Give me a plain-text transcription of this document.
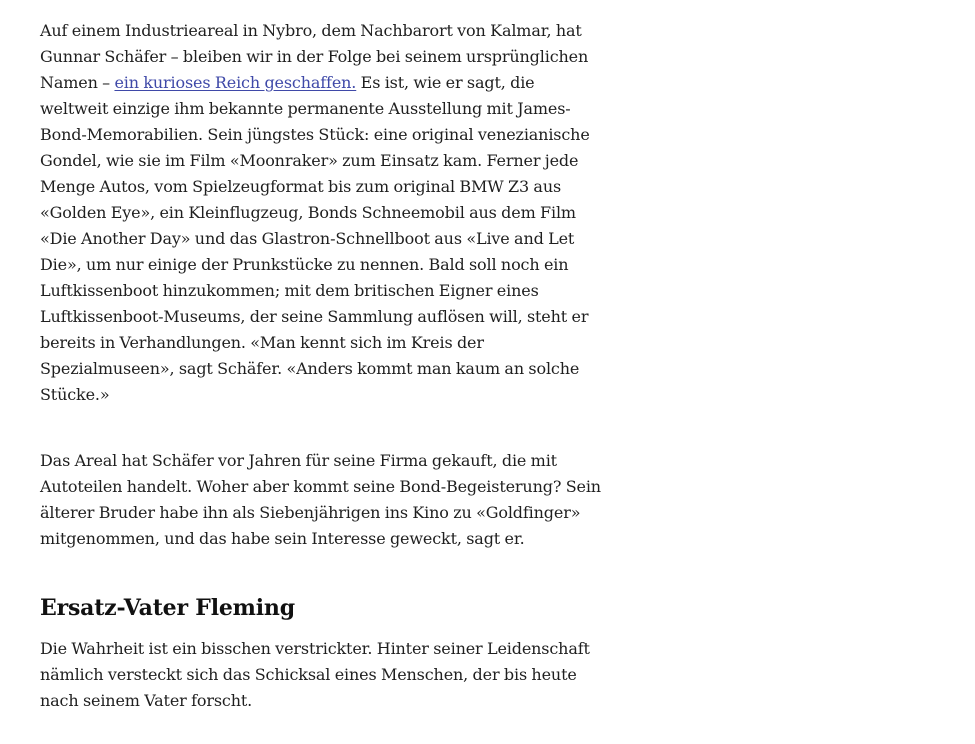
Auf einem Industrieareal in Nybro, dem Nachbarort von Kalmar, hat Gunnar Schäfer – bleiben wir in der Folge bei seinem ursprünglichen Namen – ein kurioses Reich geschaffen. Es ist, wie er sagt, die weltweit einzige ihm bekannte permanente Ausstellung mit James-Bond-Memorabilien. Sein jüngstes Stück: eine original venezianische Gondel, wie sie im Film «Moonraker» zum Einsatz kam. Ferner jede Menge Autos, vom Spielzeugformat bis zum original BMW Z3 aus «Golden Eye», ein Kleinflugzeug, Bonds Schneemobil aus dem Film «Die Another Day» und das Glastron-Schnellboot aus «Live and Let Die», um nur einige der Prunkstücke zu nennen. Bald soll noch ein Luftkissenboot hinzukommen; mit dem britischen Eigner eines Luftkissenboot-Museums, der seine Sammlung auflösen will, steht er bereits in Verhandlungen. «Man kennt sich im Kreis der Spezialmuseen», sagt Schäfer. «Anders kommt man kaum an solche Stücke.»

Das Areal hat Schäfer vor Jahren für seine Firma gekauft, die mit Autoteilen handelt. Woher aber kommt seine Bond-Begeisterung? Sein älterer Bruder habe ihn als Siebenjährigen ins Kino zu «Goldfinger» mitgenommen, und das habe sein Interesse geweckt, sagt er.

Ersatz-Vater Fleming

Die Wahrheit ist ein bisschen verstrickter. Hinter seiner Leidenschaft nämlich versteckt sich das Schicksal eines Menschen, der bis heute nach seinem Vater forscht.
